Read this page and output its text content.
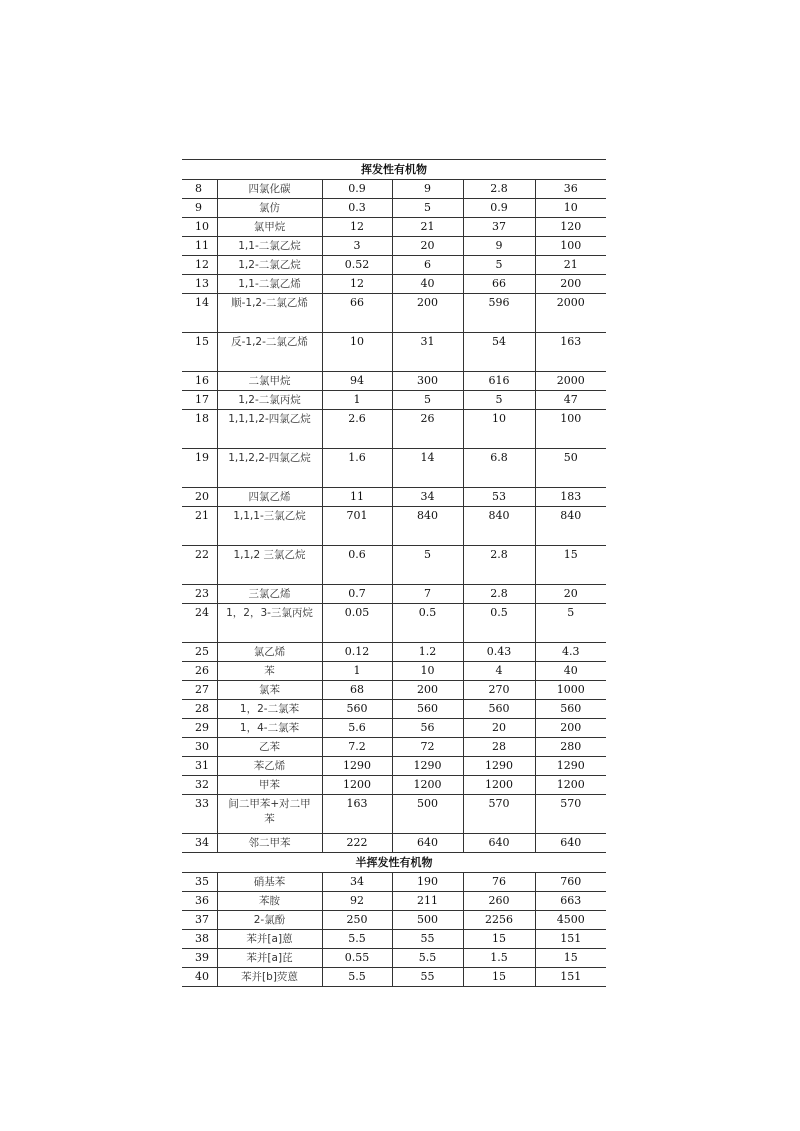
挥发性有机物					
8	四氯化碳	0.9	9	2.8	36
9	氯仿	0.3	5	0.9	10
10	氯甲烷	12	21	37	120
11	1,1-二氯乙烷	3	20	9	100
12	1,2-二氯乙烷	0.52	6	5	21
13	1,1-二氯乙烯	12	40	66	200
14	顺-1,2-二氯乙烯	66	200	596	2000
15	反-1,2-二氯乙烯	10	31	54	163
16	二氯甲烷	94	300	616	2000
17	1,2-二氯丙烷	1	5	5	47
18	1,1,1,2-四氯乙烷	2.6	26	10	100
19	1,1,2,2-四氯乙烷	1.6	14	6.8	50
20	四氯乙烯	11	34	53	183
21	1,1,1-三氯乙烷	701	840	840	840
22	1,1,2 三氯乙烷	0.6	5	2.8	15
23	三氯乙烯	0.7	7	2.8	20
24	1，2，3-三氯丙烷	0.05	0.5	0.5	5
25	氯乙烯	0.12	1.2	0.43	4.3
26	苯	1	10	4	40
27	氯苯	68	200	270	1000
28	1，2-二氯苯	560	560	560	560
29	1，4-二氯苯	5.6	56	20	200
30	乙苯	7.2	72	28	280
31	苯乙烯	1290	1290	1290	1290
32	甲苯	1200	1200	1200	1200
33	间二甲苯+对二甲苯	163	500	570	570
34	邻二甲苯	222	640	640	640
半挥发性有机物					
35	硝基苯	34	190	76	760
36	苯胺	92	211	260	663
37	2-氯酚	250	500	2256	4500
38	苯并[a]蒽	5.5	55	15	151
39	苯并[a]芘	0.55	5.5	1.5	15
40	苯并[b]荧蒽	5.5	55	15	151
